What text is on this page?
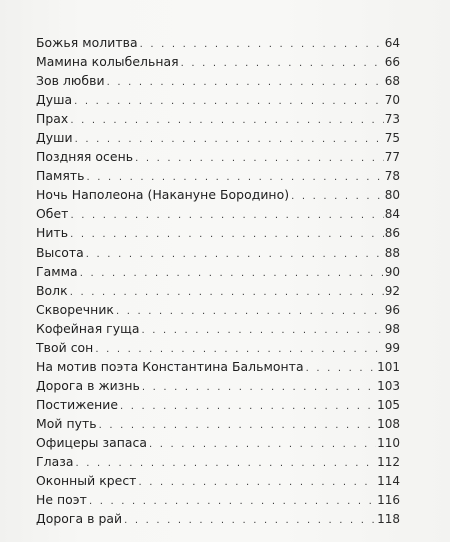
Божья молитва . . .	64
Мамина колыбельная . . .	66
Зов любви . . .	68
Душа . . .	70
Прах . . .	73
Души . . .	75
Поздняя осень . . .	77
Память . . .	78
Ночь Наполеона (Накануне Бородино) . . .	80
Обет . . .	84
Нить . . .	86
Высота . . .	88
Гамма . . .	90
Волк . . .	92
Скворечник . . .	96
Кофейная гуща . . .	98
Твой сон . . .	99
На мотив поэта Константина Бальмонта . . .	101
Дорога в жизнь . . .	103
Постижение . . .	105
Мой путь . . .	108
Офицеры запаса . . .	110
Глаза . . .	112
Оконный крест . . .	114
Не поэт . . .	116
Дорога в рай . . .	118
